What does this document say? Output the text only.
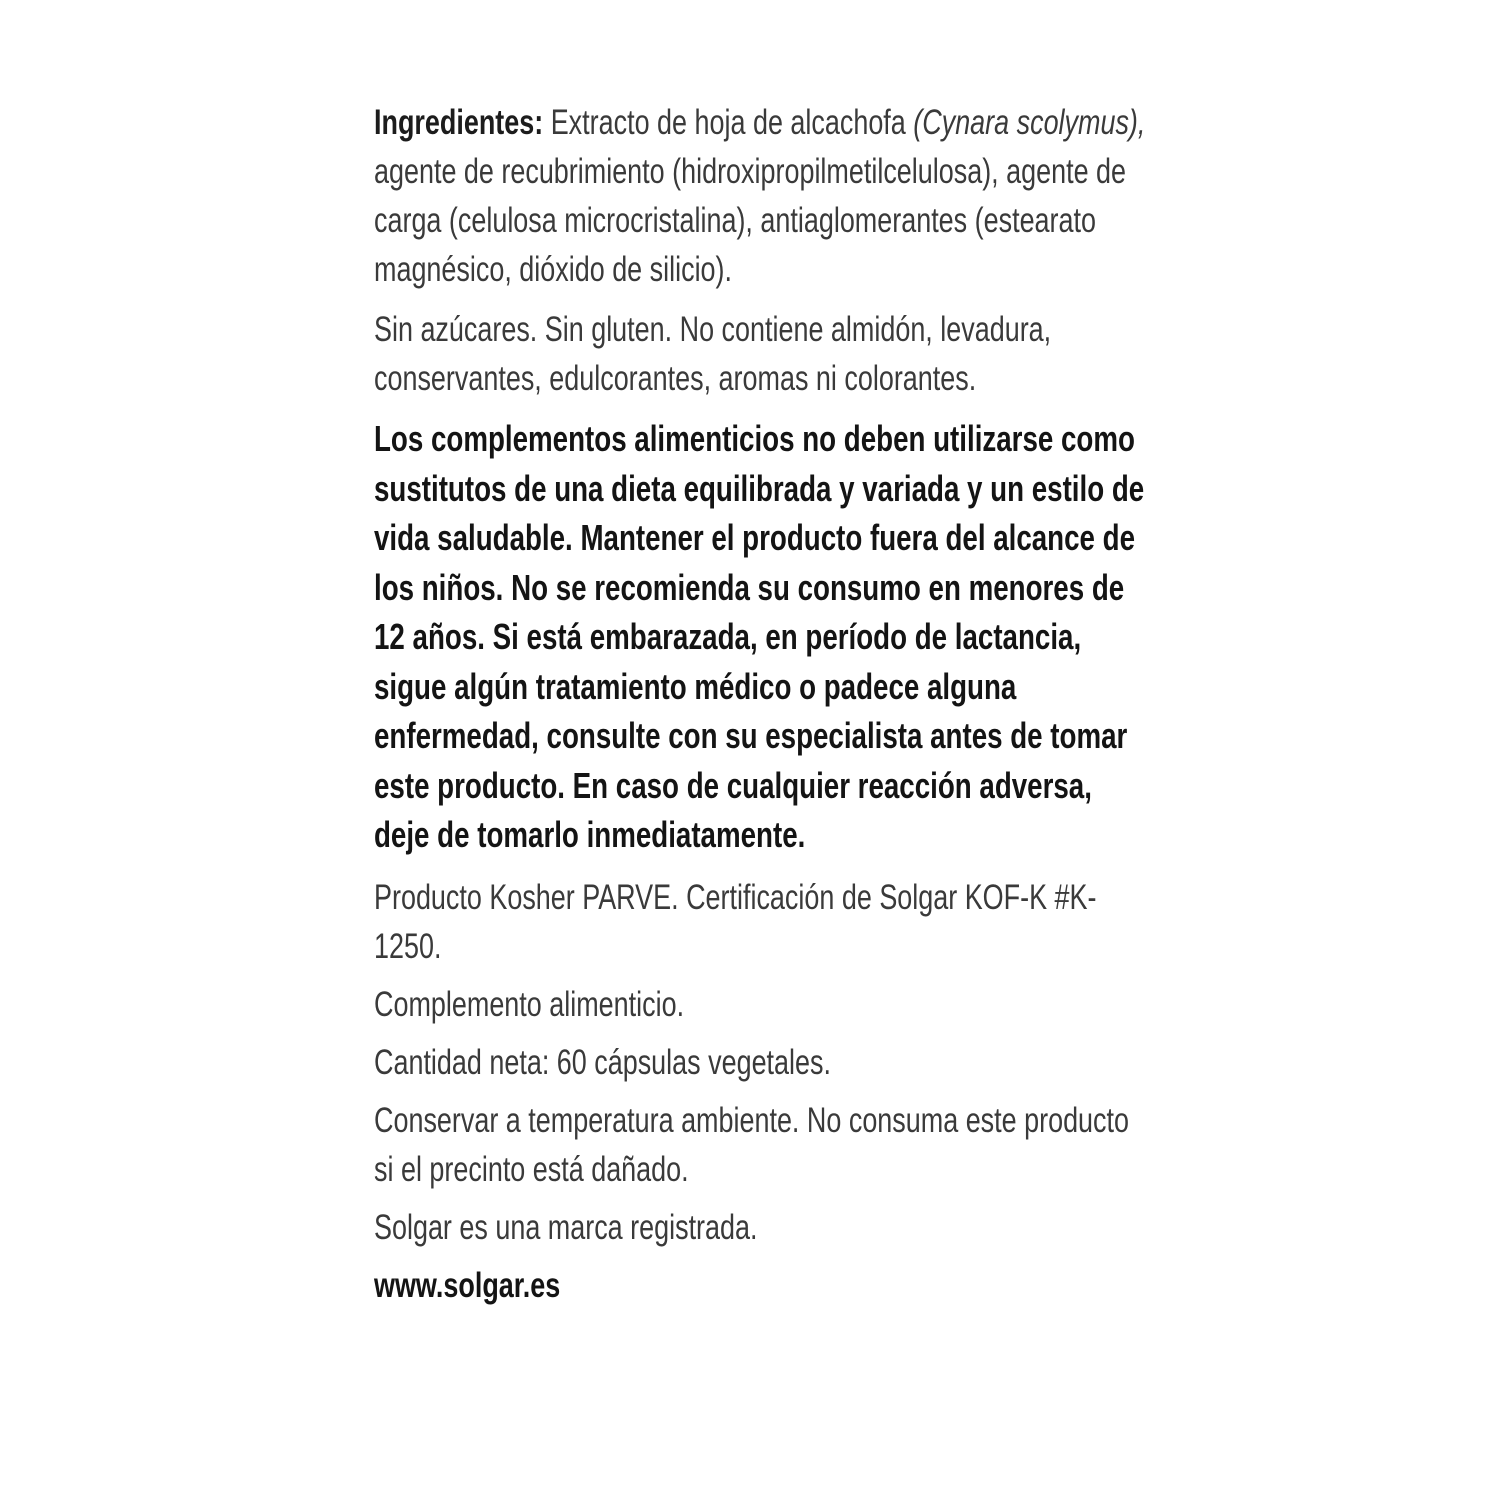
Ingredientes: Extracto de hoja de alcachofa (Cynara scolymus), agente de recubrimiento (hidroxipropilmetilcelulosa), agente de carga (celulosa microcristalina), antiaglomerantes (estearato magnésico, dióxido de silicio).

Sin azúcares. Sin gluten. No contiene almidón, levadura, conservantes, edulcorantes, aromas ni colorantes.

Los complementos alimenticios no deben utilizarse como sustitutos de una dieta equilibrada y variada y un estilo de vida saludable. Mantener el producto fuera del alcance de los niños. No se recomienda su consumo en menores de 12 años. Si está embarazada, en período de lactancia, sigue algún tratamiento médico o padece alguna enfermedad, consulte con su especialista antes de tomar este producto. En caso de cualquier reacción adversa, deje de tomarlo inmediatamente.

Producto Kosher PARVE. Certificación de Solgar KOF-K #K-1250.

Complemento alimenticio.

Cantidad neta: 60 cápsulas vegetales.

Conservar a temperatura ambiente. No consuma este producto si el precinto está dañado.

Solgar es una marca registrada.

www.solgar.es
